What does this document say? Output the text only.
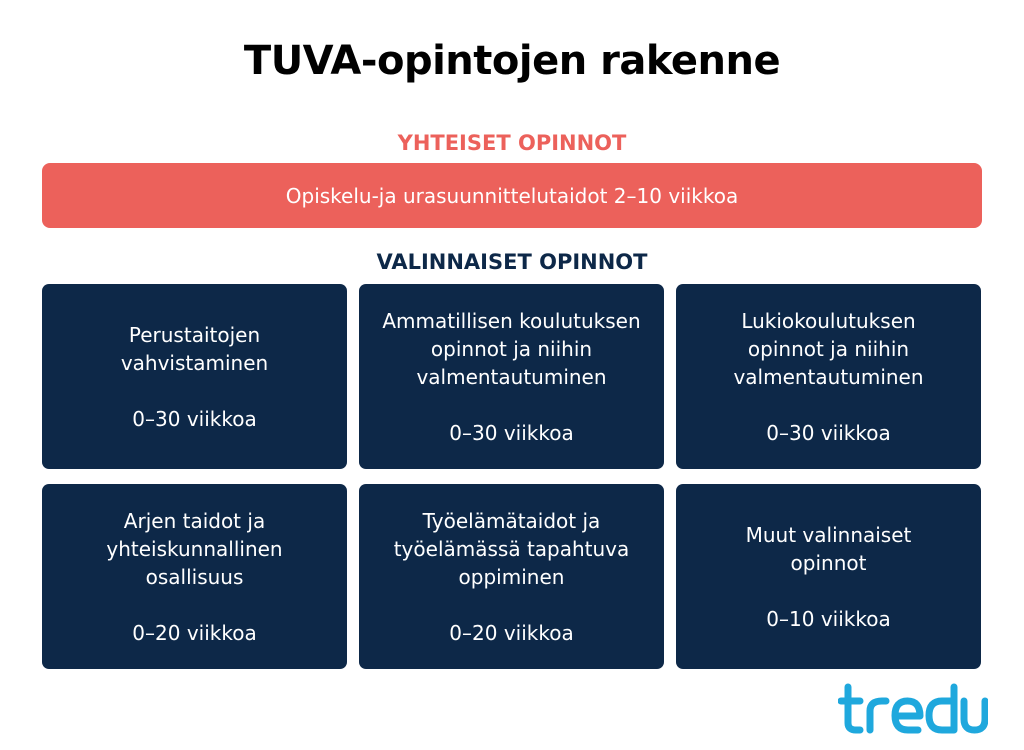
TUVA-opintojen rakenne
YHTEISET OPINNOT
Opiskelu-ja urasuunnittelutaidot 2–10 viikkoa
VALINNAISET OPINNOT
Perustaitojen
vahvistaminen
0–30 viikkoa
Ammatillisen koulutuksen
opinnot ja niihin
valmentautuminen
0–30 viikkoa
Lukiokoulutuksen
opinnot ja niihin
valmentautuminen
0–30 viikkoa
Arjen taidot ja
yhteiskunnallinen
osallisuus
0–20 viikkoa
Työelämätaidot ja
työelämässä tapahtuva
oppiminen
0–20 viikkoa
Muut valinnaiset
opinnot
0–10 viikkoa
